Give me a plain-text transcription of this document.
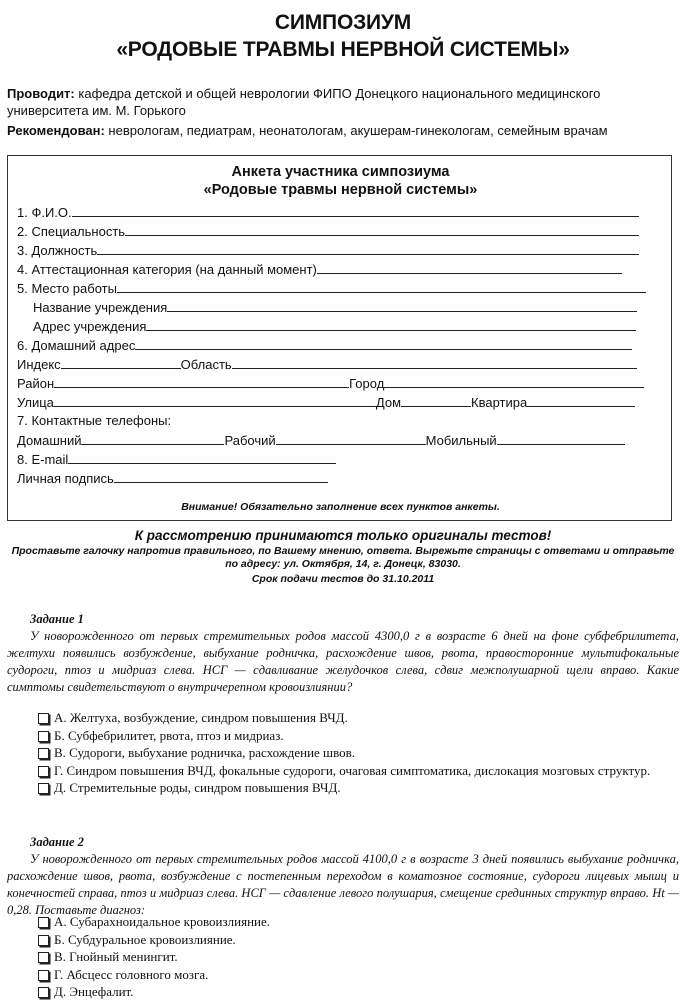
СИМПОЗИУМ
«РОДОВЫЕ ТРАВМЫ НЕРВНОЙ СИСТЕМЫ»
Проводит: кафедра детской и общей неврологии ФИПО Донецкого национального медицинского университета им. М. Горького
Рекомендован: неврологам, педиатрам, неонатологам, акушерам-гинекологам, семейным врачам
Анкета участника симпозиума
«Родовые травмы нервной системы»
1. Ф.И.О.
2. Специальность
3. Должность
4. Аттестационная категория (на данный момент)
5. Место работы
Название учреждения
Адрес учреждения
6. Домашний адрес
Индекс	Область
Район	Город
Улица	Дом	Квартира
7. Контактные телефоны:
Домашний	Рабочий	Мобильный
8. E-mail
Личная подпись
Внимание! Обязательно заполнение всех пунктов анкеты.
К рассмотрению принимаются только оригиналы тестов!
Проставьте галочку напротив правильного, по Вашему мнению, ответа. Вырежьте страницы с ответами и отправьте
по адресу: ул. Октября, 14, г. Донецк, 83030.
Срок подачи тестов до 31.10.2011
Задание 1
У новорожденного от первых стремительных родов массой 4300,0 г в возрасте 6 дней на фоне субфебрилитета, желтухи появились возбуждение, выбухание родничка, расхождение швов, рвота, правосторонние мультифокальные судороги, птоз и мидриаз слева. НСГ — сдавливание желудочков слева, сдвиг межполушарной щели вправо. Какие симптомы свидетельствуют о внутричерепном кровоизлиянии?
А. Желтуха, возбуждение, синдром повышения ВЧД.
Б. Субфебрилитет, рвота, птоз и мидриаз.
В. Судороги, выбухание родничка, расхождение швов.
Г. Синдром повышения ВЧД, фокальные судороги, очаговая симптоматика, дислокация мозговых структур.
Д. Стремительные роды, синдром повышения ВЧД.
Задание 2
У новорожденного от первых стремительных родов массой 4100,0 г в возрасте 3 дней появились выбухание родничка, расхождение швов, рвота, возбуждение с постепенным переходом в коматозное состояние, судороги лицевых мышц и конечностей справа, птоз и мидриаз слева. НСГ — сдавление левого полушария, смещение срединных структур вправо. Ht — 0,28. Поставьте диагноз:
А. Субарахноидальное кровоизлияние.
Б. Субдуральное кровоизлияние.
В. Гнойный менингит.
Г. Абсцесс головного мозга.
Д. Энцефалит.
